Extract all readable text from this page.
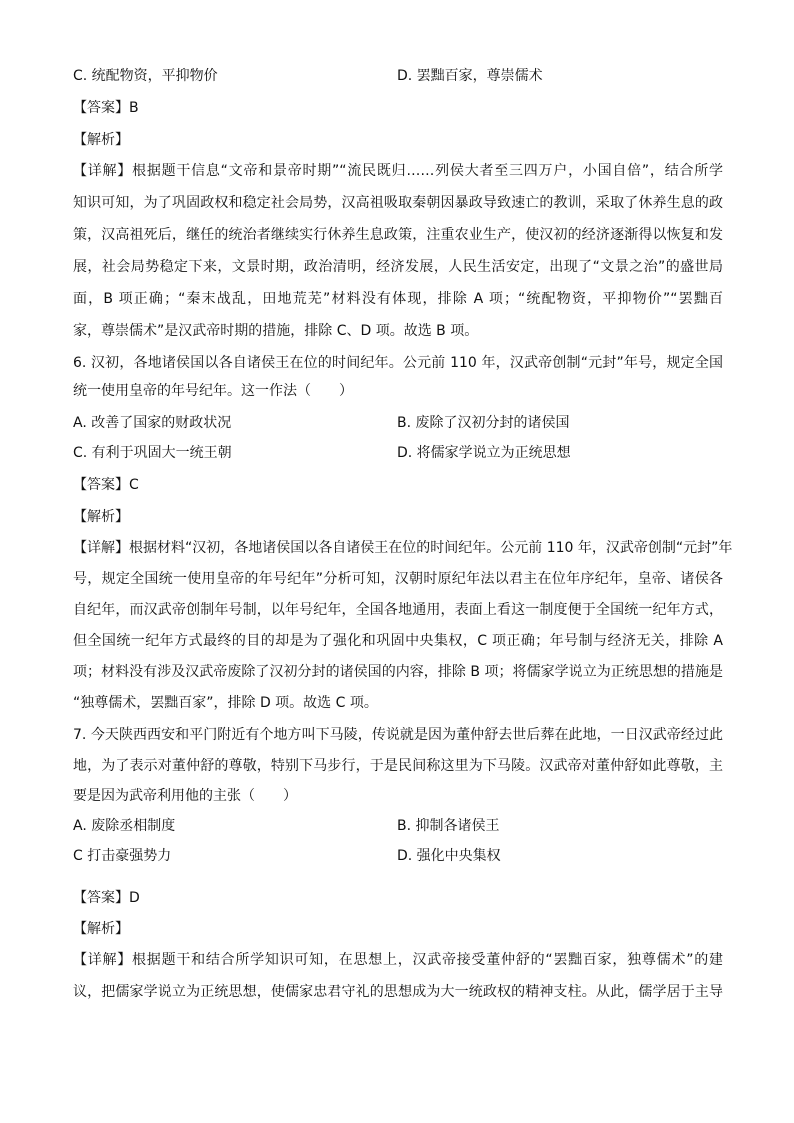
C. 统配物资，平抑物价	D. 罢黜百家，尊崇儒术
【答案】B
【解析】
【详解】根据题干信息“文帝和景帝时期”“流民既归……列侯大者至三四万户，小国自倍”，结合所学
知识可知，为了巩固政权和稳定社会局势，汉高祖吸取秦朝因暴政导致速亡的教训，采取了休养生息的政
策，汉高祖死后，继任的统治者继续实行休养生息政策，注重农业生产，使汉初的经济逐渐得以恢复和发
展，社会局势稳定下来，文景时期，政治清明，经济发展，人民生活安定，出现了“文景之治”的盛世局
面，B 项正确；“秦末战乱，田地荒芜”材料没有体现，排除 A 项；“统配物资，平抑物价”“罢黜百
家，尊崇儒术”是汉武帝时期的措施，排除 C、D 项。故选 B 项。
6. 汉初，各地诸侯国以各自诸侯王在位的时间纪年。公元前 110 年，汉武帝创制“元封”年号，规定全国
统一使用皇帝的年号纪年。这一作法（　　）
A. 改善了国家的财政状况	B. 废除了汉初分封的诸侯国
C. 有利于巩固大一统王朝	D. 将儒家学说立为正统思想
【答案】C
【解析】
【详解】根据材料“汉初，各地诸侯国以各自诸侯王在位的时间纪年。公元前 110 年，汉武帝创制“元封”年
号，规定全国统一使用皇帝的年号纪年”分析可知，汉朝时原纪年法以君主在位年序纪年，皇帝、诸侯各
自纪年，而汉武帝创制年号制，以年号纪年，全国各地通用，表面上看这一制度便于全国统一纪年方式，
但全国统一纪年方式最终的目的却是为了强化和巩固中央集权，C 项正确；年号制与经济无关，排除 A
项；材料没有涉及汉武帝废除了汉初分封的诸侯国的内容，排除 B 项；将儒家学说立为正统思想的措施是
“独尊儒术，罢黜百家”，排除 D 项。故选 C 项。
7. 今天陕西西安和平门附近有个地方叫下马陵，传说就是因为董仲舒去世后葬在此地，一日汉武帝经过此
地，为了表示对董仲舒的尊敬，特别下马步行，于是民间称这里为下马陵。汉武帝对董仲舒如此尊敬，主
要是因为武帝利用他的主张（　　）
A. 废除丞相制度	B. 抑制各诸侯王
C 打击豪强势力	D. 强化中央集权
【答案】D
【解析】
【详解】根据题干和结合所学知识可知，在思想上，汉武帝接受董仲舒的“罢黜百家，独尊儒术”的建
议，把儒家学说立为正统思想，使儒家忠君守礼的思想成为大一统政权的精神支柱。从此，儒学居于主导
